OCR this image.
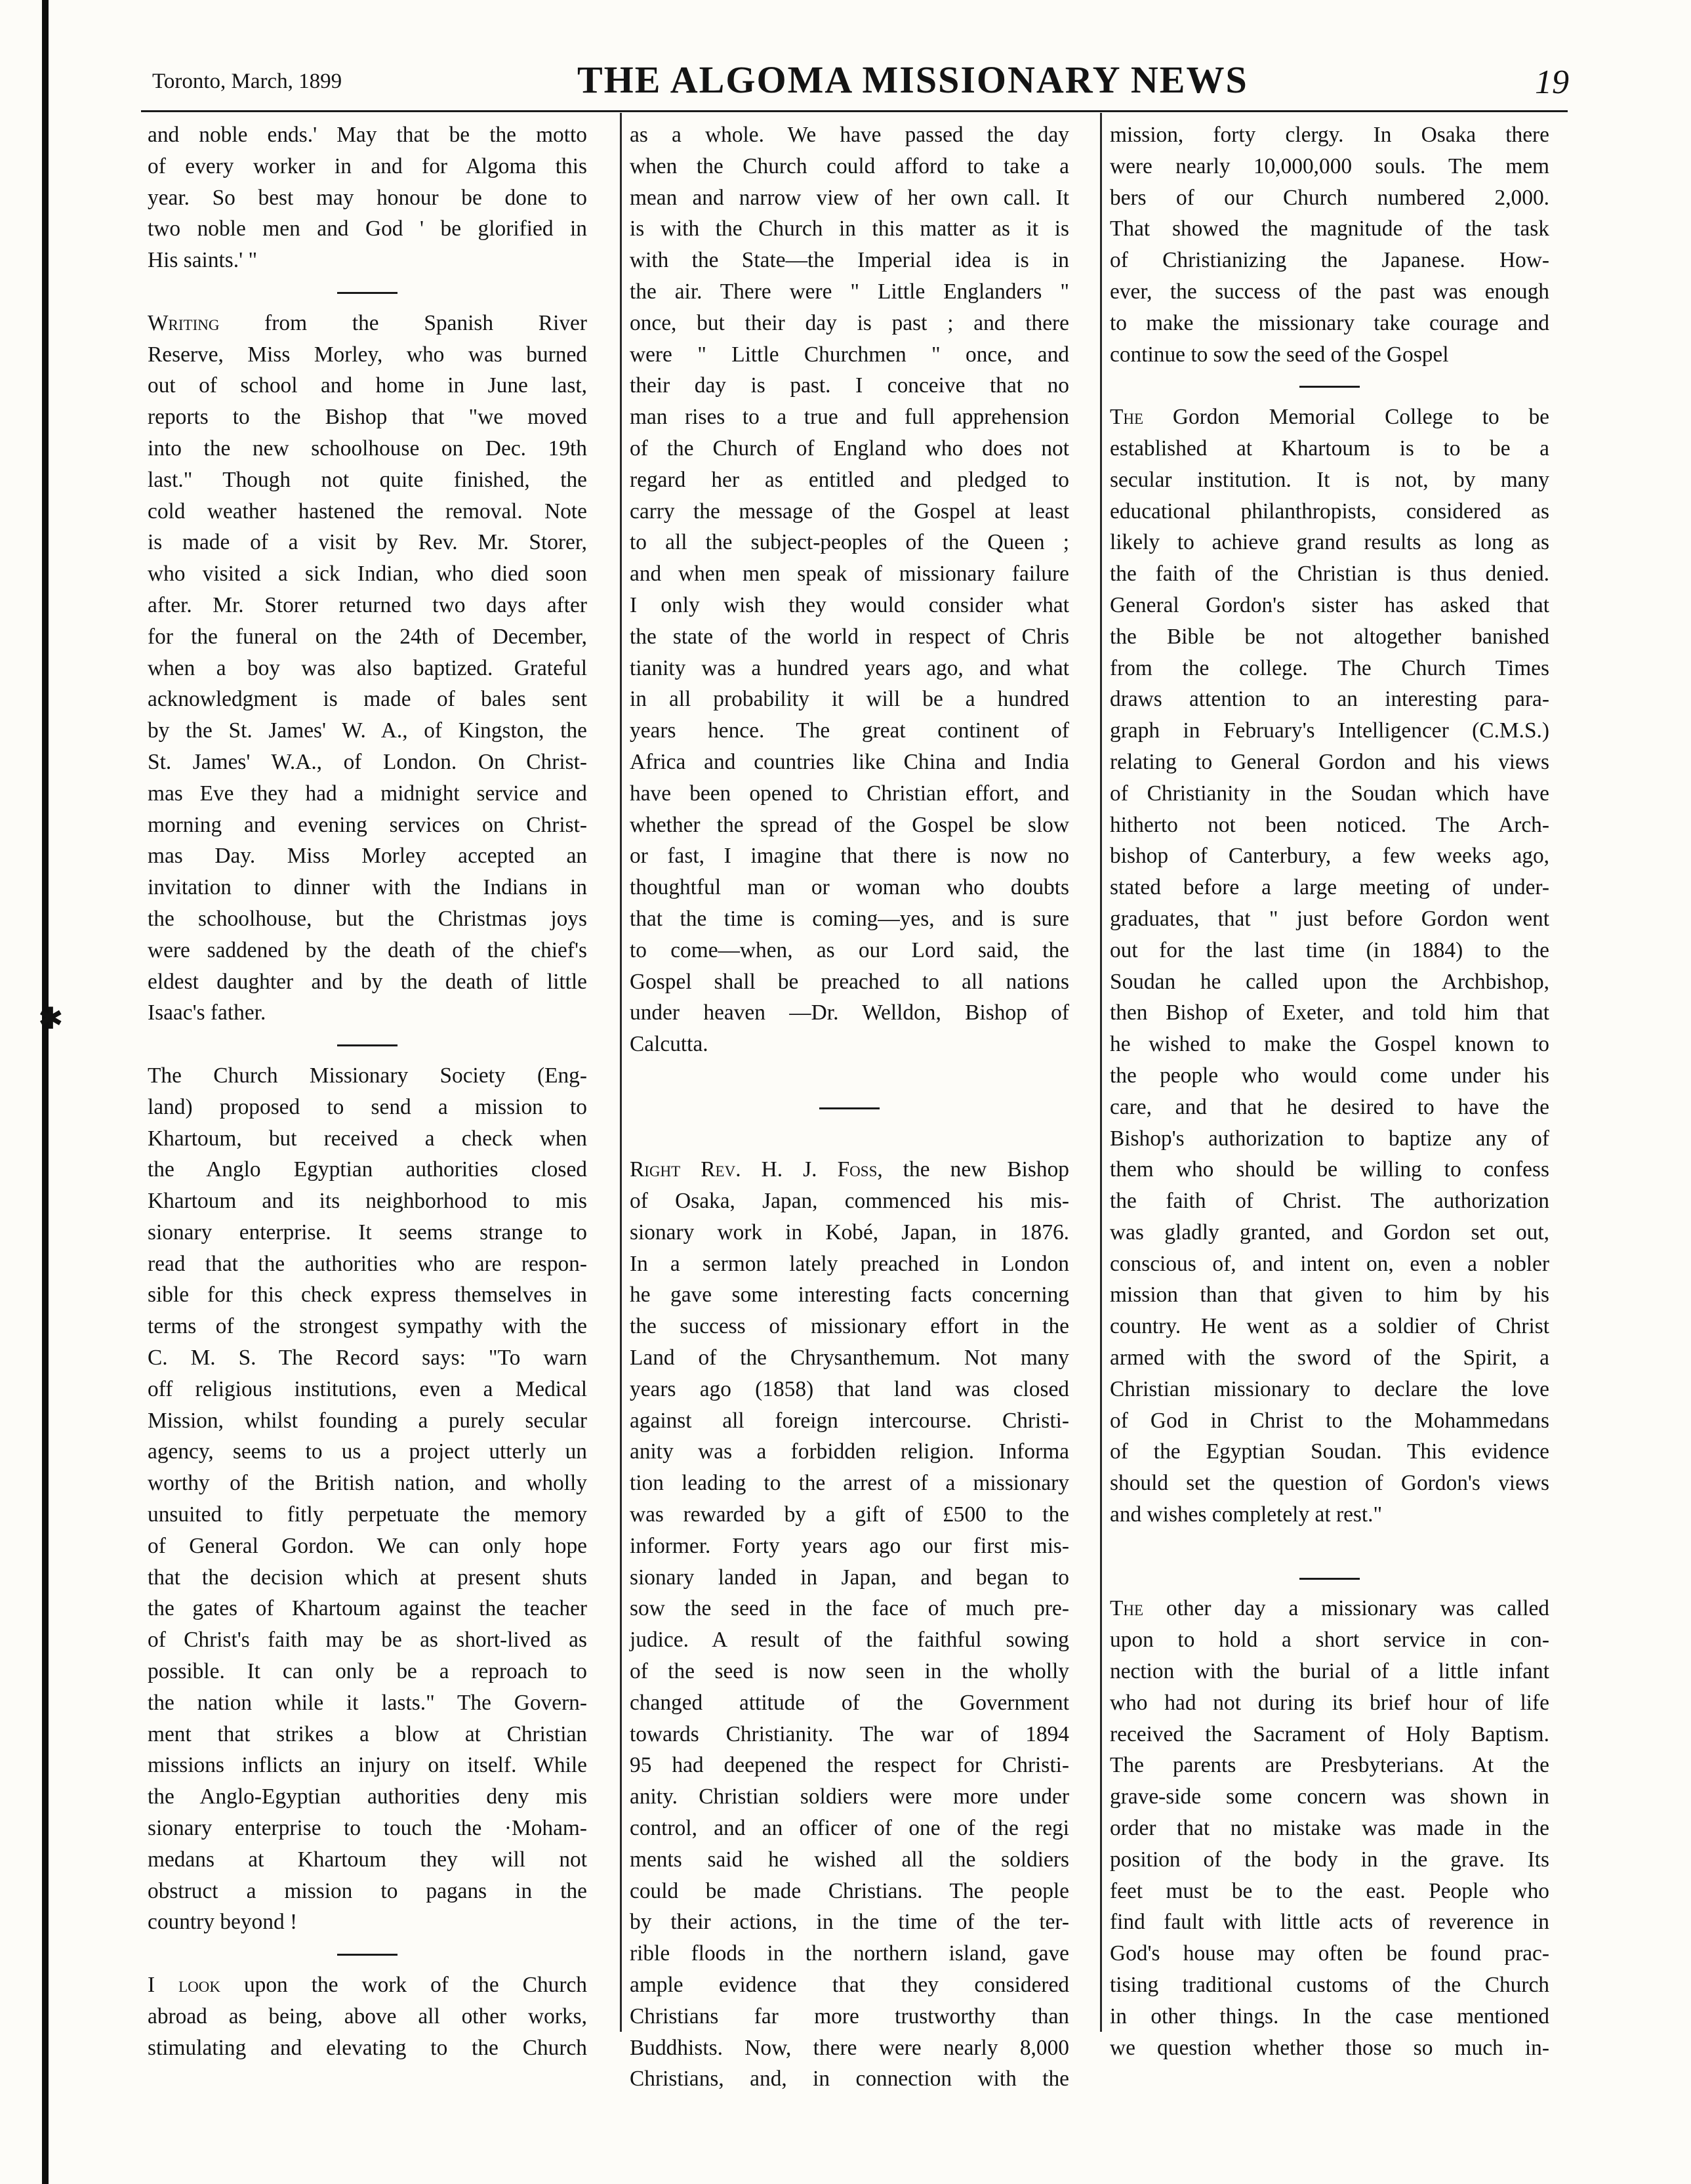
Toronto, March, 1899	THE ALGOMA MISSIONARY NEWS	19
✱
and noble ends.' May that be the motto
of every worker in and for Algoma this
year. So best may honour be done to
two noble men and God ' be glorified in
His saints.' "
Writing from the Spanish River
Reserve, Miss Morley, who was burned
out of school and home in June last,
reports to the Bishop that "we moved
into the new schoolhouse on Dec. 19th
last." Though not quite finished, the
cold weather hastened the removal. Note
is made of a visit by Rev. Mr. Storer,
who visited a sick Indian, who died soon
after. Mr. Storer returned two days after
for the funeral on the 24th of December,
when a boy was also baptized. Grateful
acknowledgment is made of bales sent
by the St. James' W. A., of Kingston, the
St. James' W.A., of London. On Christ-
mas Eve they had a midnight service and
morning and evening services on Christ-
mas Day. Miss Morley accepted an
invitation to dinner with the Indians in
the schoolhouse, but the Christmas joys
were saddened by the death of the chief's
eldest daughter and by the death of little
Isaac's father.
The Church Missionary Society (Eng-
land) proposed to send a mission to
Khartoum, but received a check when
the Anglo Egyptian authorities closed
Khartoum and its neighborhood to mis
sionary enterprise. It seems strange to
read that the authorities who are respon-
sible for this check express themselves in
terms of the strongest sympathy with the
C. M. S. The Record says: "To warn
off religious institutions, even a Medical
Mission, whilst founding a purely secular
agency, seems to us a project utterly un
worthy of the British nation, and wholly
unsuited to fitly perpetuate the memory
of General Gordon. We can only hope
that the decision which at present shuts
the gates of Khartoum against the teacher
of Christ's faith may be as short-lived as
possible. It can only be a reproach to
the nation while it lasts." The Govern-
ment that strikes a blow at Christian
missions inflicts an injury on itself. While
the Anglo-Egyptian authorities deny mis
sionary enterprise to touch the ·Moham-
medans at Khartoum they will not
obstruct a mission to pagans in the
country beyond !
I look upon the work of the Church
abroad as being, above all other works,
stimulating and elevating to the Church
as a whole. We have passed the day
when the Church could afford to take a
mean and narrow view of her own call. It
is with the Church in this matter as it is
with the State—the Imperial idea is in
the air. There were " Little Englanders "
once, but their day is past ; and there
were " Little Churchmen " once, and
their day is past. I conceive that no
man rises to a true and full apprehension
of the Church of England who does not
regard her as entitled and pledged to
carry the message of the Gospel at least
to all the subject-peoples of the Queen ;
and when men speak of missionary failure
I only wish they would consider what
the state of the world in respect of Chris
tianity was a hundred years ago, and what
in all probability it will be a hundred
years hence. The great continent of
Africa and countries like China and India
have been opened to Christian effort, and
whether the spread of the Gospel be slow
or fast, I imagine that there is now no
thoughtful man or woman who doubts
that the time is coming—yes, and is sure
to come—when, as our Lord said, the
Gospel shall be preached to all nations
under heaven —Dr. Welldon, Bishop of
Calcutta.
Right Rev. H. J. Foss, the new Bishop
of Osaka, Japan, commenced his mis-
sionary work in Kobé, Japan, in 1876.
In a sermon lately preached in London
he gave some interesting facts concerning
the success of missionary effort in the
Land of the Chrysanthemum. Not many
years ago (1858) that land was closed
against all foreign intercourse. Christi-
anity was a forbidden religion. Informa
tion leading to the arrest of a missionary
was rewarded by a gift of £500 to the
informer. Forty years ago our first mis-
sionary landed in Japan, and began to
sow the seed in the face of much pre-
judice. A result of the faithful sowing
of the seed is now seen in the wholly
changed attitude of the Government
towards Christianity. The war of 1894
95 had deepened the respect for Christi-
anity. Christian soldiers were more under
control, and an officer of one of the regi
ments said he wished all the soldiers
could be made Christians. The people
by their actions, in the time of the ter-
rible floods in the northern island, gave
ample evidence that they considered
Christians far more trustworthy than
Buddhists. Now, there were nearly 8,000
Christians, and, in connection with the
mission, forty clergy. In Osaka there
were nearly 10,000,000 souls. The mem
bers of our Church numbered 2,000.
That showed the magnitude of the task
of Christianizing the Japanese. How-
ever, the success of the past was enough
to make the missionary take courage and
continue to sow the seed of the Gospel
The Gordon Memorial College to be
established at Khartoum is to be a
secular institution. It is not, by many
educational philanthropists, considered as
likely to achieve grand results as long as
the faith of the Christian is thus denied.
General Gordon's sister has asked that
the Bible be not altogether banished
from the college. The Church Times
draws attention to an interesting para-
graph in February's Intelligencer (C.M.S.)
relating to General Gordon and his views
of Christianity in the Soudan which have
hitherto not been noticed. The Arch-
bishop of Canterbury, a few weeks ago,
stated before a large meeting of under-
graduates, that " just before Gordon went
out for the last time (in 1884) to the
Soudan he called upon the Archbishop,
then Bishop of Exeter, and told him that
he wished to make the Gospel known to
the people who would come under his
care, and that he desired to have the
Bishop's authorization to baptize any of
them who should be willing to confess
the faith of Christ. The authorization
was gladly granted, and Gordon set out,
conscious of, and intent on, even a nobler
mission than that given to him by his
country. He went as a soldier of Christ
armed with the sword of the Spirit, a
Christian missionary to declare the love
of God in Christ to the Mohammedans
of the Egyptian Soudan. This evidence
should set the question of Gordon's views
and wishes completely at rest."
The other day a missionary was called
upon to hold a short service in con-
nection with the burial of a little infant
who had not during its brief hour of life
received the Sacrament of Holy Baptism.
The parents are Presbyterians. At the
grave-side some concern was shown in
order that no mistake was made in the
position of the body in the grave. Its
feet must be to the east. People who
find fault with little acts of reverence in
God's house may often be found prac-
tising traditional customs of the Church
in other things. In the case mentioned
we question whether those so much in-
